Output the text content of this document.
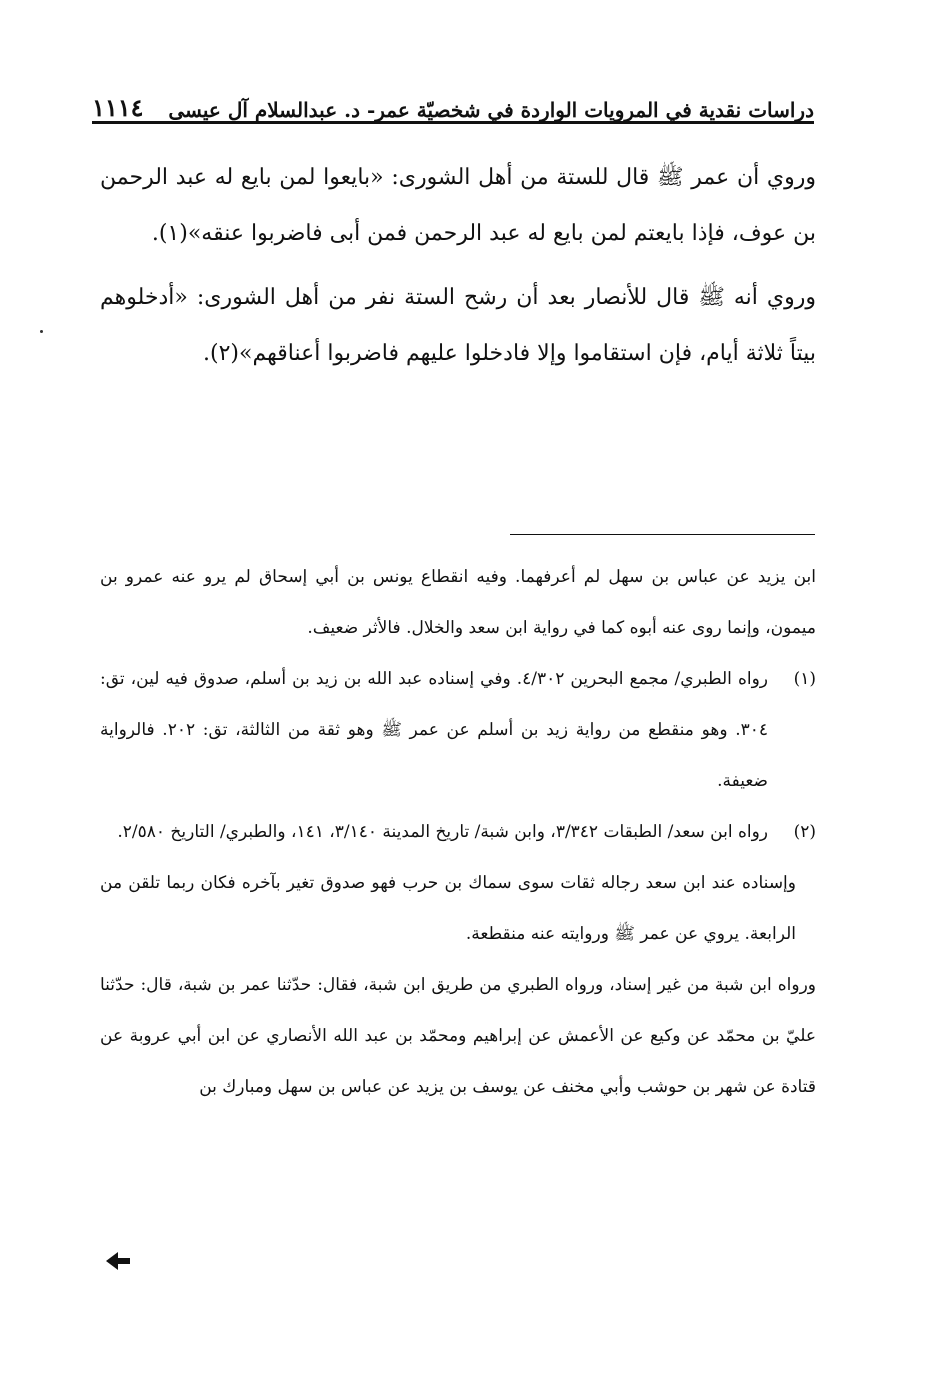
دراسات نقدية في المرويات الواردة في شخصيّة عمر- د. عبدالسلام آل عيسى
١١١٤

وروي أن عمر ﷺ قال للستة من أهل الشورى: «بايعوا لمن بايع له عبد الرحمن بن عوف، فإذا بايعتم لمن بايع له عبد الرحمن فمن أبى فاضربوا عنقه»(١).

وروي أنه ﷺ قال للأنصار بعد أن رشح الستة نفر من أهل الشورى: «أدخلوهم بيتاً ثلاثة أيام، فإن استقاموا وإلا فادخلوا عليهم فاضربوا أعناقهم»(٢).

ابن يزيد عن عباس بن سهل لم أعرفهما. وفيه انقطاع يونس بن أبي إسحاق لم يرو عنه عمرو بن ميمون، وإنما روى عنه أبوه كما في رواية ابن سعد والخلال. فالأثر ضعيف.

(١)
رواه الطبري/ مجمع البحرين ٤/٣٠٢. وفي إسناده عبد الله بن زيد بن أسلم، صدوق فيه لين، تق: ٣٠٤. وهو منقطع من رواية زيد بن أسلم عن عمر ﷺ وهو ثقة من الثالثة، تق: ٢٠٢. فالرواية ضعيفة.
(٢)
رواه ابن سعد/ الطبقات ٣/٣٤٢، وابن شبة/ تاريخ المدينة ٣/١٤٠، ١٤١، والطبري/ التاريخ ٢/٥٨٠.

وإسناده عند ابن سعد رجاله ثقات سوى سماك بن حرب فهو صدوق تغير بآخره فكان ربما تلقن من الرابعة. يروي عن عمر ﷺ وروايته عنه منقطعة.

ورواه ابن شبة من غير إسناد، ورواه الطبري من طريق ابن شبة، فقال: حدّثنا عمر بن شبة، قال: حدّثنا عليّ بن محمّد عن وكيع عن الأعمش عن إبراهيم ومحمّد بن عبد الله الأنصاري عن ابن أبي عروبة عن قتادة عن شهر بن حوشب وأبي مخنف عن يوسف بن يزيد عن عباس بن سهل ومبارك بن
